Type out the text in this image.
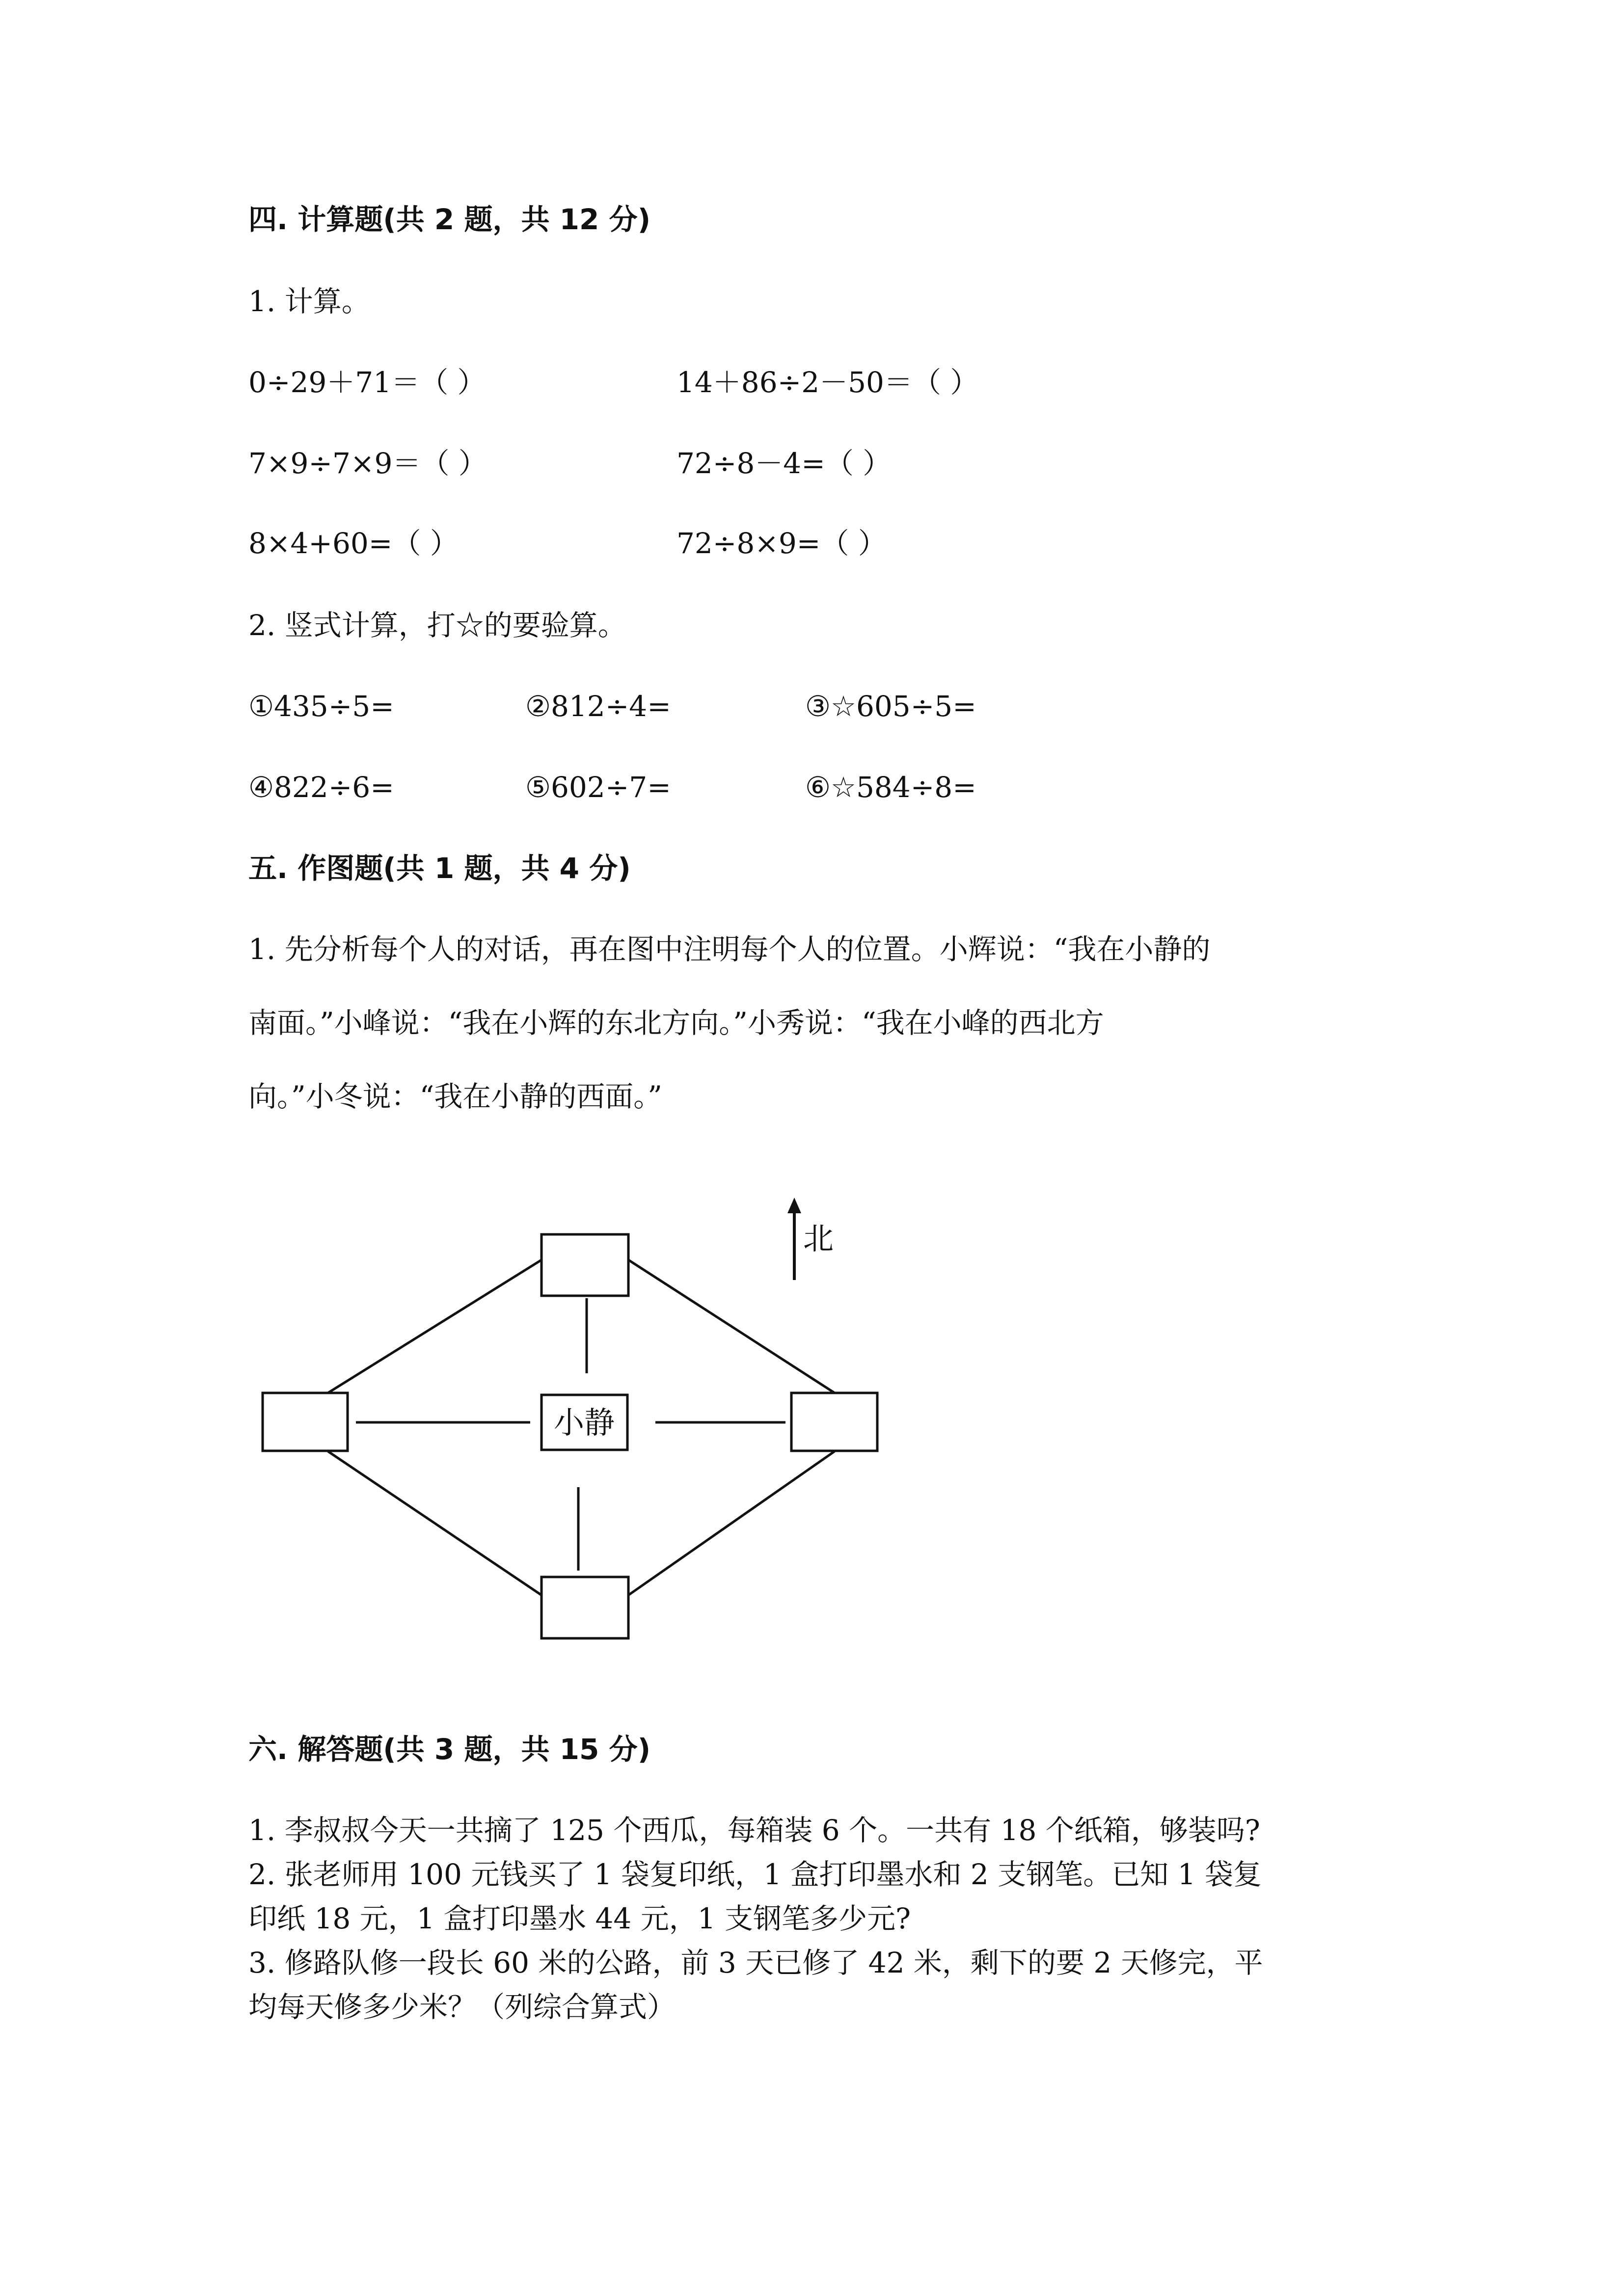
四. 计算题(共 2 题，共 12 分)
1. 计算。
0÷29＋71＝（ ）	14＋86÷2－50＝（ ）
7×9÷7×9＝（ ）	72÷8－4=（ ）
8×4+60=（ ）	72÷8×9=（ ）
2. 竖式计算，打☆的要验算。
①435÷5=	②812÷4=	③☆605÷5=
④822÷6=	⑤602÷7=	⑥☆584÷8=
五. 作图题(共 1 题，共 4 分)
1. 先分析每个人的对话，再在图中注明每个人的位置。小辉说：“我在小静的
南面。”小峰说：“我在小辉的东北方向。”小秀说：“我在小峰的西北方
向。”小冬说：“我在小静的西面。”
小静
北
六. 解答题(共 3 题，共 15 分)
1. 李叔叔今天一共摘了 125 个西瓜，每箱装 6 个。一共有 18 个纸箱，够装吗?
2. 张老师用 100 元钱买了 1 袋复印纸，1 盒打印墨水和 2 支钢笔。已知 1 袋复
印纸 18 元，1 盒打印墨水 44 元，1 支钢笔多少元?
3. 修路队修一段长 60 米的公路，前 3 天已修了 42 米，剩下的要 2 天修完，平
均每天修多少米？（列综合算式）
